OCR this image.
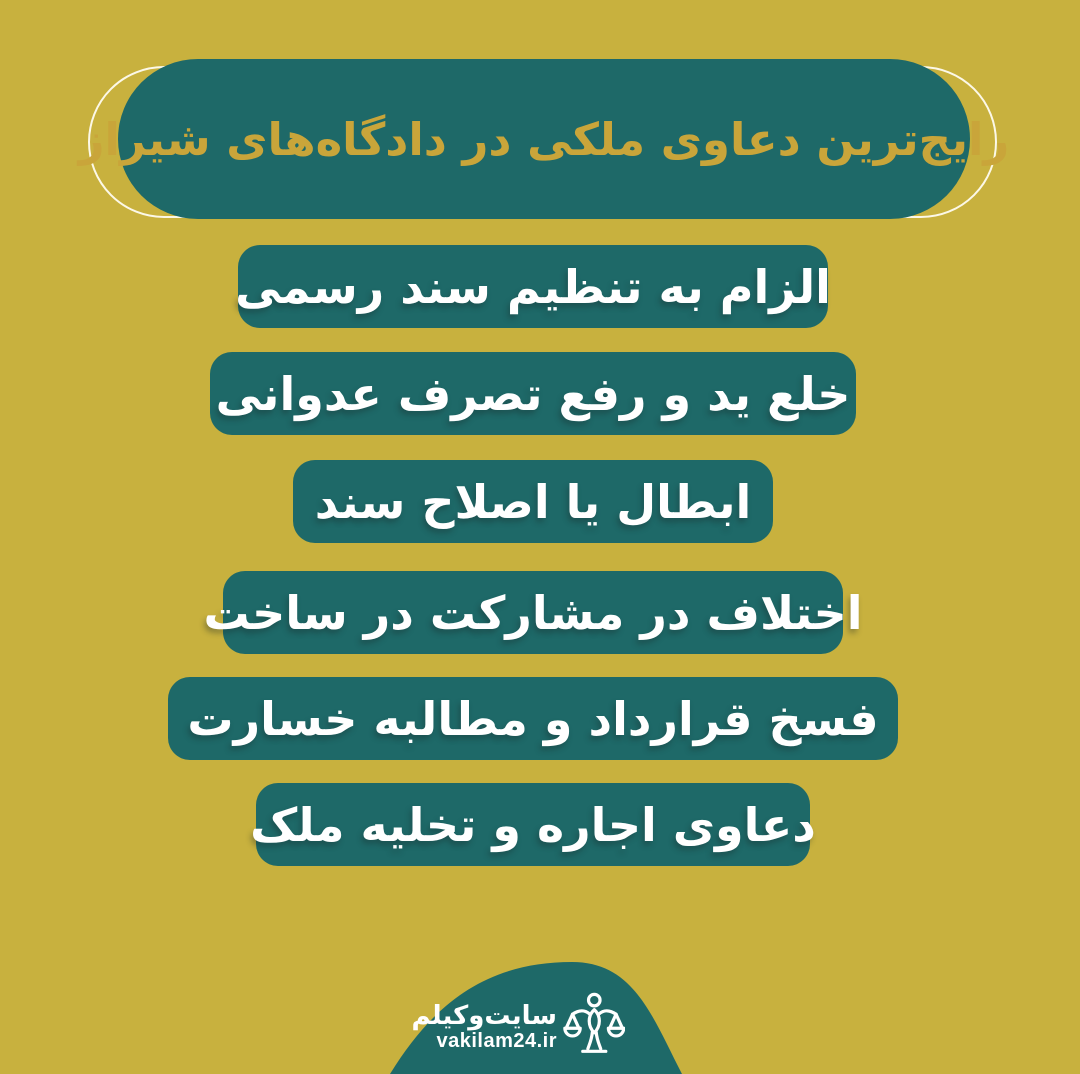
رایج‌ترین دعاوی ملکی در دادگاه‌های شیراز
الزام به تنظیم سند رسمی
خلع ید و رفع تصرف عدوانی
ابطال یا اصلاح سند
اختلاف در مشارکت در ساخت
فسخ قرارداد و مطالبه خسارت
دعاوی اجاره و تخلیه ملک
سایت‌وکیلم
vakilam24.ir
